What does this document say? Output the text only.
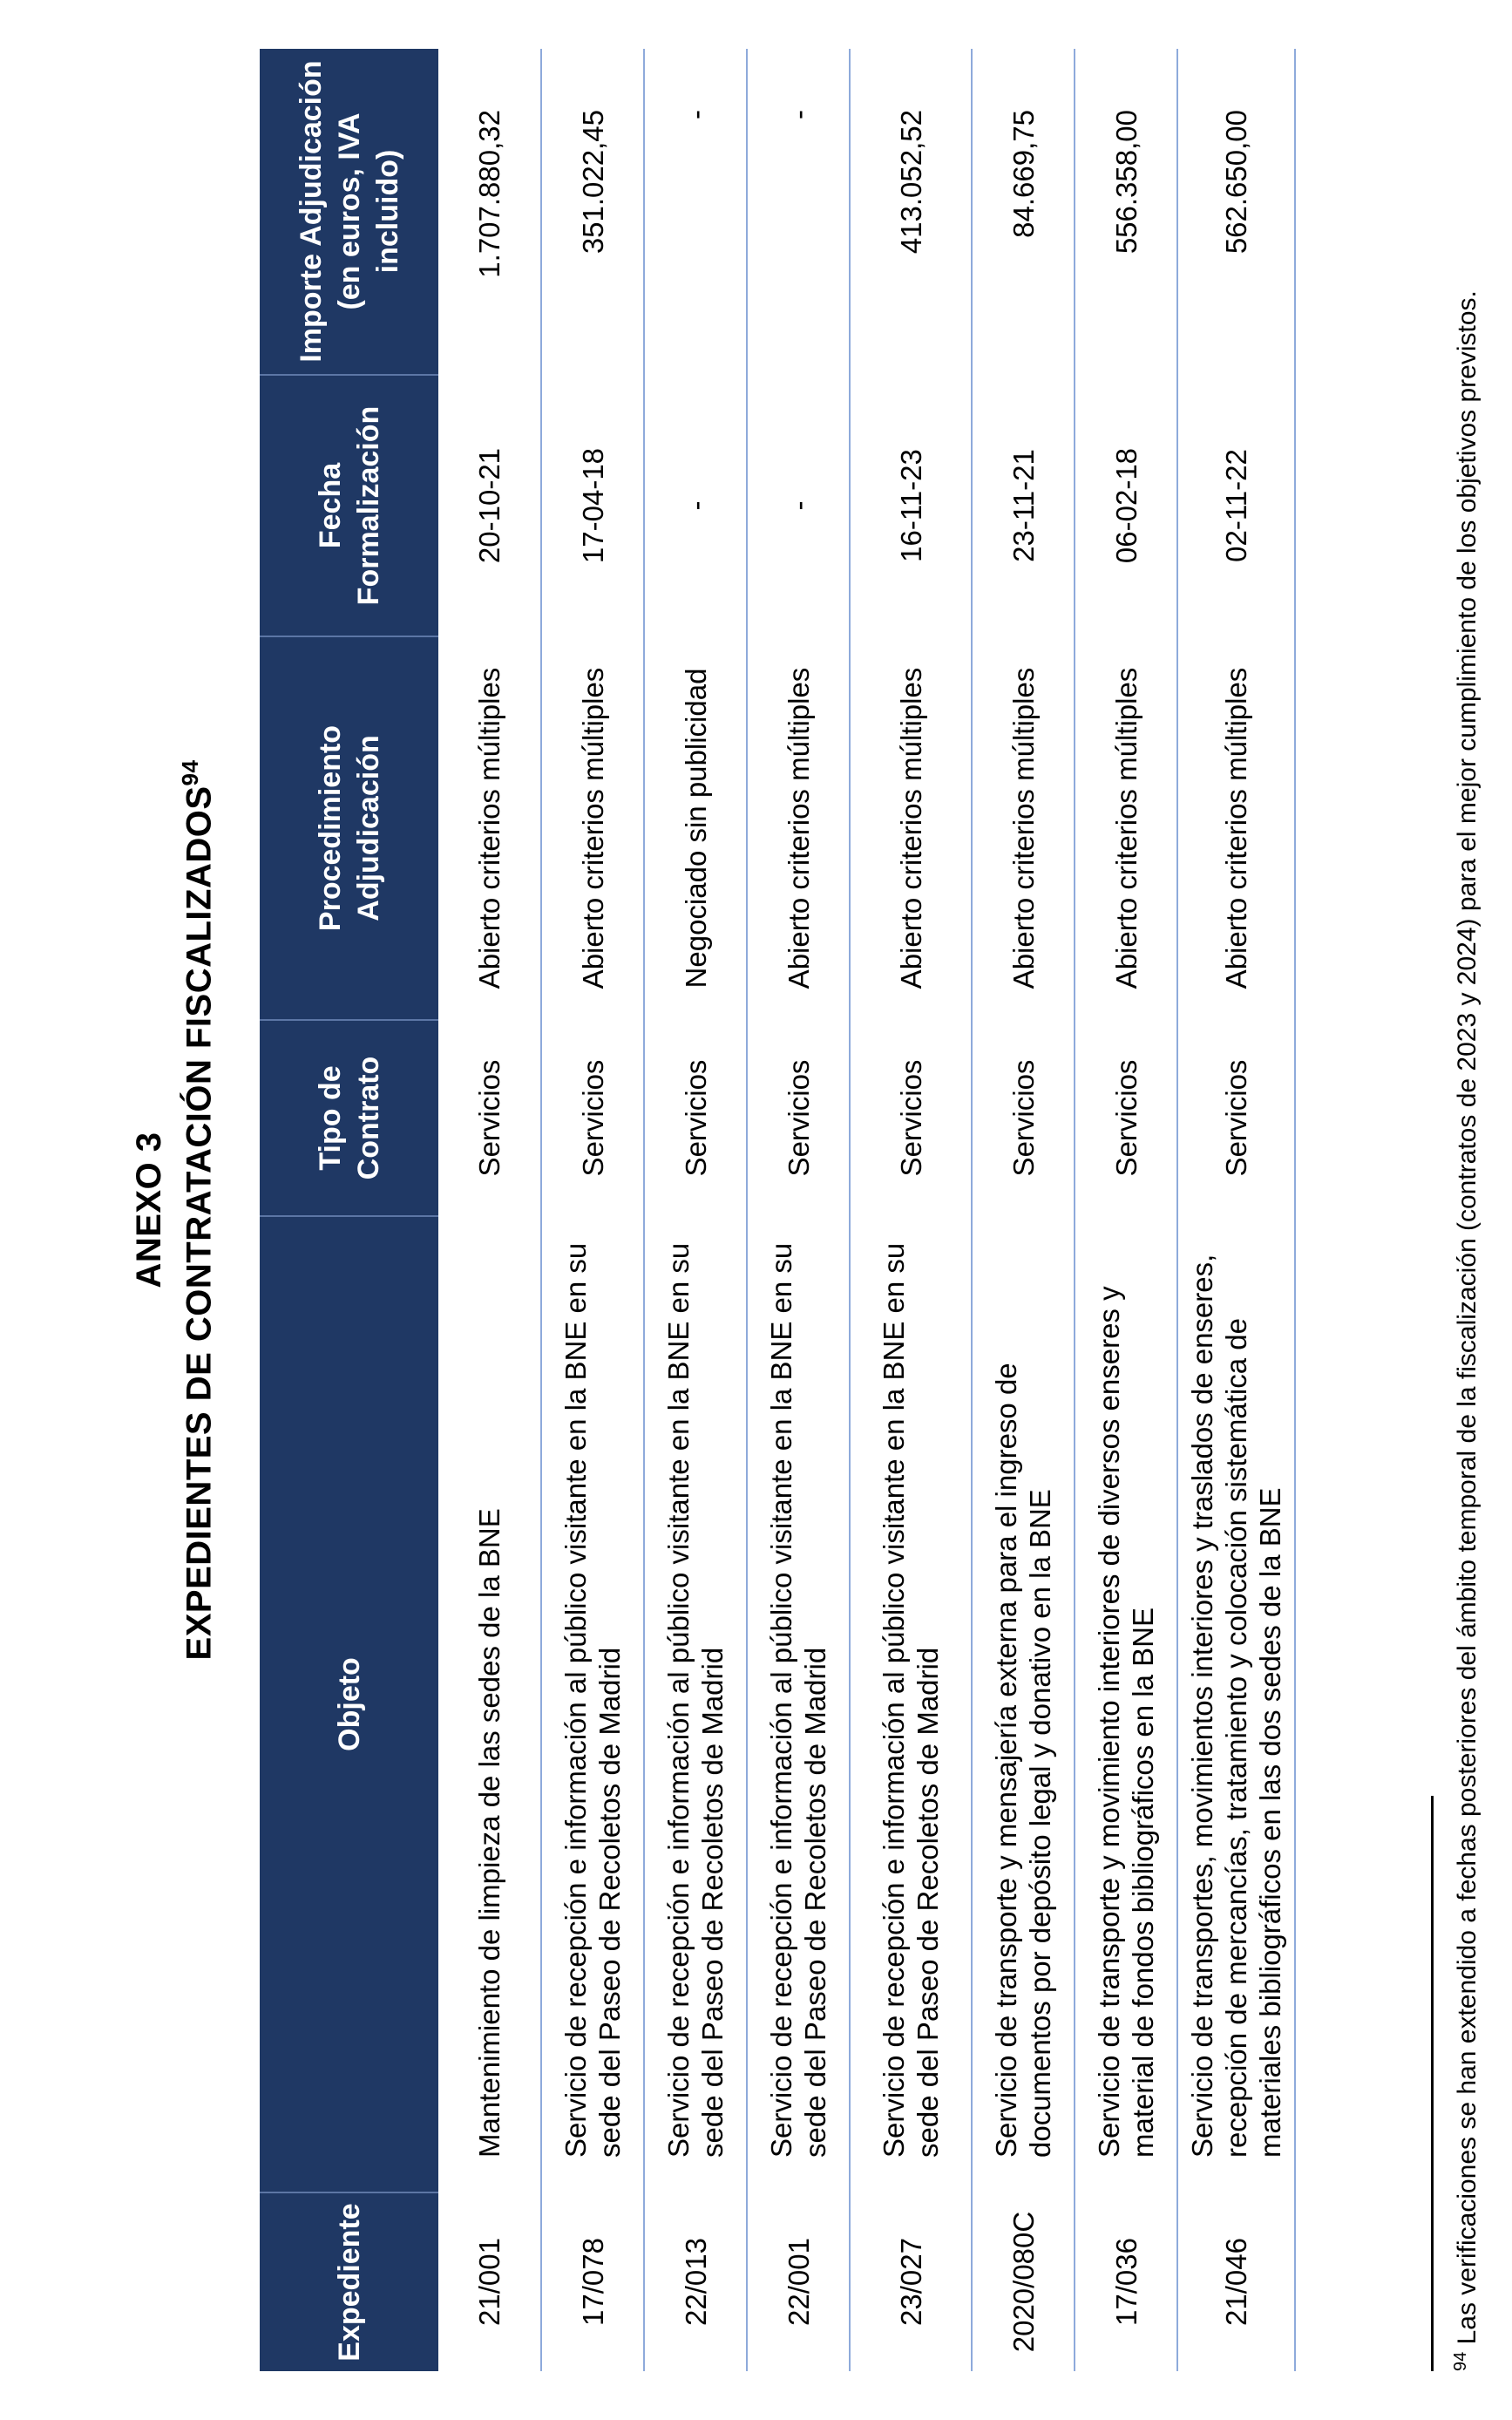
ANEXO 3 EXPEDIENTES DE CONTRATACIÓN FISCALIZADOS$^{94}$
Expediente	Objeto	Tipo de Contrato	Procedimiento Adjudicación	Fecha Formalización	Importe Adjudicación (en euros, IVA incluido)
21/001	Mantenimiento de limpieza de las sedes de la BNE	Servicios	Abierto criterios múltiples	20-10-21	1.707.880,32
17/078	Servicio de recepción e información al público visitante en la BNE en su sede del Paseo de Recoletos de Madrid	Servicios	Abierto criterios múltiples	17-04-18	351.022,45
22/013	Servicio de recepción e información al público visitante en la BNE en su sede del Paseo de Recoletos de Madrid	Servicios	Negociado sin publicidad	-	-
22/001	Servicio de recepción e información al público visitante en la BNE en su sede del Paseo de Recoletos de Madrid	Servicios	Abierto criterios múltiples	-	-
23/027	Servicio de recepción e información al público visitante en la BNE en su sede del Paseo de Recoletos de Madrid	Servicios	Abierto criterios múltiples	16-11-23	413.052,52
2020/080C	Servicio de transporte y mensajería externa para el ingreso de documentos por depósito legal y donativo en la BNE	Servicios	Abierto criterios múltiples	23-11-21	84.669,75
17/036	Servicio de transporte y movimiento interiores de diversos enseres y material de fondos bibliográficos en la BNE	Servicios	Abierto criterios múltiples	06-02-18	556.358,00
21/046	Servicio de transportes, movimientos interiores y traslados de enseres, recepción de mercancías, tratamiento y colocación sistemática de materiales bibliográficos en las dos sedes de la BNE	Servicios	Abierto criterios múltiples	02-11-22	562.650,00
$^{94}$ Las verificaciones se han extendido a fechas posteriores del ámbito temporal de la fiscalización (contratos de 2023 y 2024) para el mejor cumplimiento de los objetivos previstos.
